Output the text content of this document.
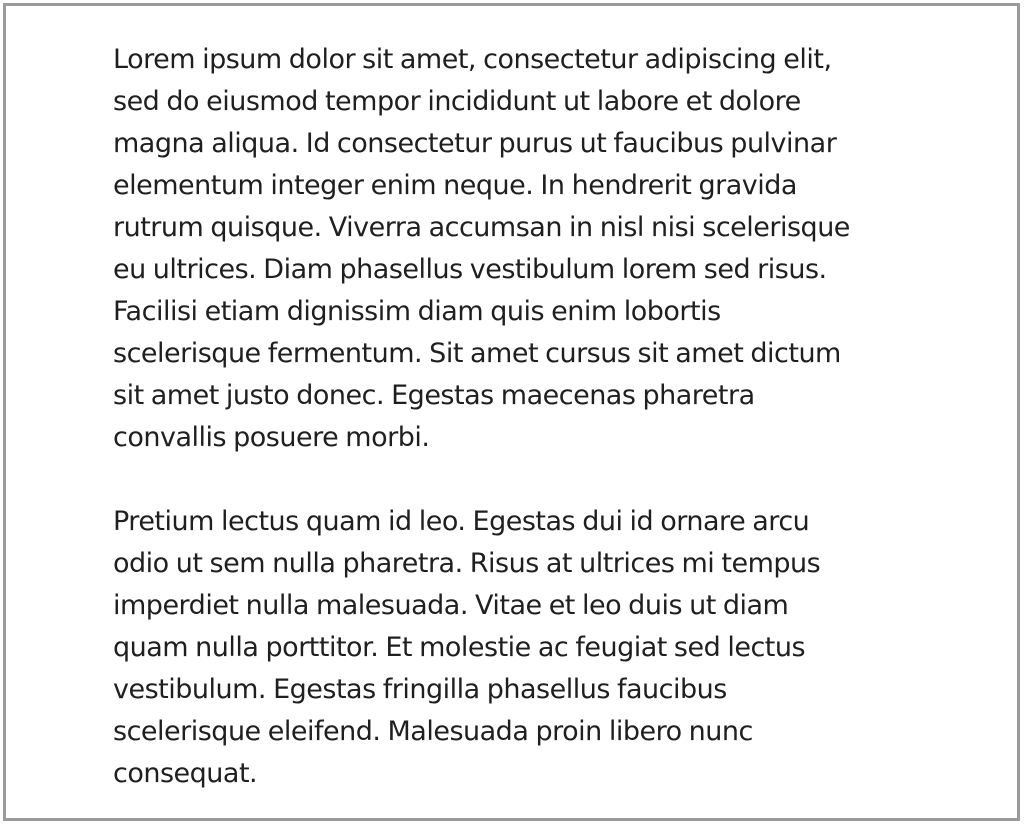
Lorem ipsum dolor sit amet, consectetur adipiscing elit,
sed do eiusmod tempor incididunt ut labore et dolore
magna aliqua. Id consectetur purus ut faucibus pulvinar
elementum integer enim neque. In hendrerit gravida
rutrum quisque. Viverra accumsan in nisl nisi scelerisque
eu ultrices. Diam phasellus vestibulum lorem sed risus.
Facilisi etiam dignissim diam quis enim lobortis
scelerisque fermentum. Sit amet cursus sit amet dictum
sit amet justo donec. Egestas maecenas pharetra
convallis posuere morbi.
Pretium lectus quam id leo. Egestas dui id ornare arcu
odio ut sem nulla pharetra. Risus at ultrices mi tempus
imperdiet nulla malesuada. Vitae et leo duis ut diam
quam nulla porttitor. Et molestie ac feugiat sed lectus
vestibulum. Egestas fringilla phasellus faucibus
scelerisque eleifend. Malesuada proin libero nunc
consequat.
